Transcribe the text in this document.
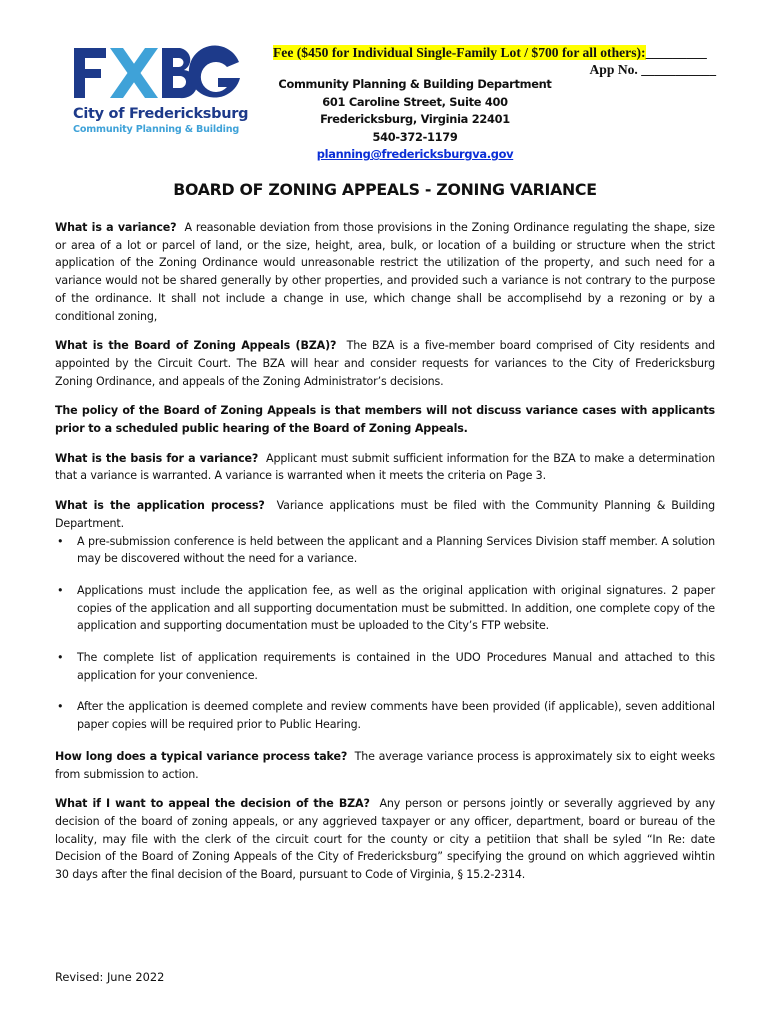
City of Fredericksburg
Community Planning & Building
Fee ($450 for Individual Single-Family Lot / $700 for all others):_________
App No. ___________
Community Planning & Building Department
601 Caroline Street, Suite 400
Fredericksburg, Virginia 22401
540-372-1179
planning@fredericksburgva.gov
BOARD OF ZONING APPEALS - ZONING VARIANCE

What is a variance? A reasonable deviation from those provisions in the Zoning Ordinance regulating the shape, size or area of a lot or parcel of land, or the size, height, area, bulk, or location of a building or structure when the strict application of the Zoning Ordinance would unreasonable restrict the utilization of the property, and such need for a variance would not be shared generally by other properties, and provided such a variance is not contrary to the purpose of the ordinance. It shall not include a change in use, which change shall be accomplisehd by a rezoning or by a conditional zoning,

What is the Board of Zoning Appeals (BZA)? The BZA is a five-member board comprised of City residents and appointed by the Circuit Court. The BZA will hear and consider requests for variances to the City of Fredericksburg Zoning Ordinance, and appeals of the Zoning Administrator’s decisions.

The policy of the Board of Zoning Appeals is that members will not discuss variance cases with applicants prior to a scheduled public hearing of the Board of Zoning Appeals.

What is the basis for a variance? Applicant must submit sufficient information for the BZA to make a determination that a variance is warranted. A variance is warranted when it meets the criteria on Page 3.

What is the application process? Variance applications must be filed with the Community Planning & Building Department.

• A pre-submission conference is held between the applicant and a Planning Services Division staff member. A solution may be discovered without the need for a variance.
• Applications must include the application fee, as well as the original application with original signatures. 2 paper copies of the application and all supporting documentation must be submitted. In addition, one complete copy of the application and supporting documentation must be uploaded to the City’s FTP website.
• The complete list of application requirements is contained in the UDO Procedures Manual and attached to this application for your convenience.
• After the application is deemed complete and review comments have been provided (if applicable), seven additional paper copies will be required prior to Public Hearing.

How long does a typical variance process take? The average variance process is approximately six to eight weeks from submission to action.

What if I want to appeal the decision of the BZA? Any person or persons jointly or severally aggrieved by any decision of the board of zoning appeals, or any aggrieved taxpayer or any officer, department, board or bureau of the locality, may file with the clerk of the circuit court for the county or city a petitiion that shall be syled “In Re: date Decision of the Board of Zoning Appeals of the City of Fredericksburg” specifying the ground on which aggrieved wihtin 30 days after the final decision of the Board, pursuant to Code of Virginia, § 15.2-2314.

Revised: June 2022
